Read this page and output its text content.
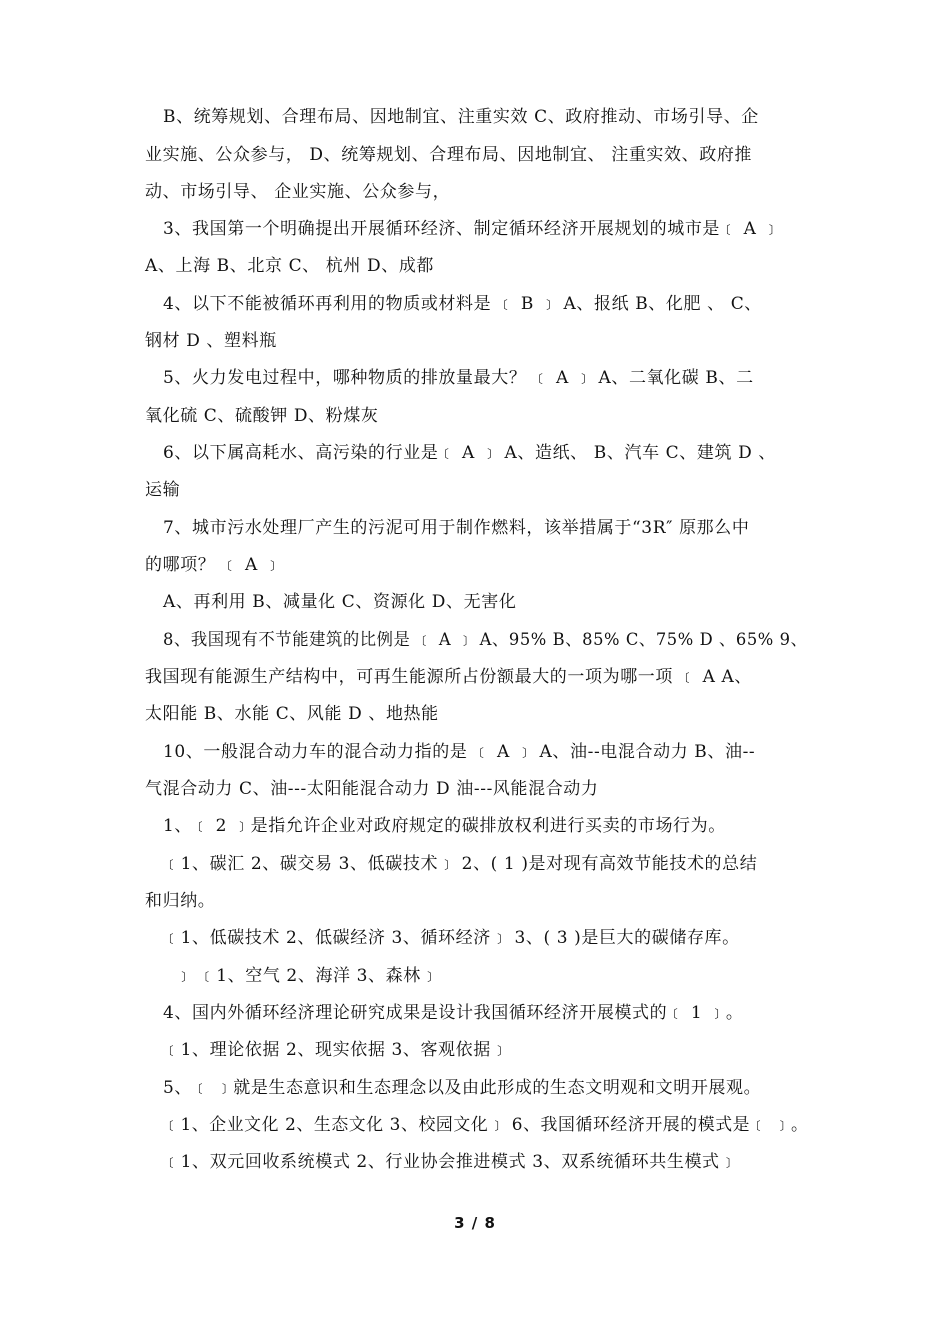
B、统筹规划、合理布局、因地制宜、注重实效 C、政府推动、市场引导、企
业实施、公众参与， D、统筹规划、合理布局、因地制宜、 注重实效、政府推
动、市场引导、 企业实施、公众参与，
3、我国第一个明确提出开展循环经济、制定循环经济开展规划的城市是﹝ A ﹞
A、上海 B、北京 C、 杭州 D、成都
4、以下不能被循环再利用的物质或材料是 ﹝ B ﹞ A、报纸 B、化肥 、 C、
钢材 D 、塑料瓶
5、火力发电过程中，哪种物质的排放量最大？ ﹝ A ﹞ A、二氧化碳 B、二
氧化硫 C、硫酸钾 D、粉煤灰
6、以下属高耗水、高污染的行业是﹝ A ﹞ A、造纸、 B、汽车 C、建筑 D 、
运输
7、城市污水处理厂产生的污泥可用于制作燃料，该举措属于“3R″ 原那么中
的哪项？ ﹝ A ﹞
A、再利用 B、减量化 C、资源化 D、无害化
8、我国现有不节能建筑的比例是 ﹝ A ﹞ A、95% B、85% C、75% D 、65% 9、
我国现有能源生产结构中，可再生能源所占份额最大的一项为哪一项 ﹝ A A、
太阳能 B、水能 C、风能 D 、地热能
10、一般混合动力车的混合动力指的是 ﹝ A ﹞ A、油--电混合动力 B、油--
气混合动力 C、油---太阳能混合动力 D 油---风能混合动力
1、﹝ 2 ﹞是指允许企业对政府规定的碳排放权利进行买卖的市场行为。
﹝1、碳汇 2、碳交易 3、低碳技术﹞ 2、( 1 )是对现有高效节能技术的总结
和归纳。
﹝1、低碳技术 2、低碳经济 3、循环经济﹞ 3、( 3 )是巨大的碳储存库。
﹞ ﹝1、空气 2、海洋 3、森林﹞
4、国内外循环经济理论研究成果是设计我国循环经济开展模式的﹝ 1 ﹞。
﹝1、理论依据 2、现实依据 3、客观依据﹞
5、﹝ ﹞就是生态意识和生态理念以及由此形成的生态文明观和文明开展观。
﹝1、企业文化 2、生态文化 3、校园文化﹞ 6、我国循环经济开展的模式是﹝ ﹞。
﹝1、双元回收系统模式 2、行业协会推进模式 3、双系统循环共生模式﹞
3 / 8
